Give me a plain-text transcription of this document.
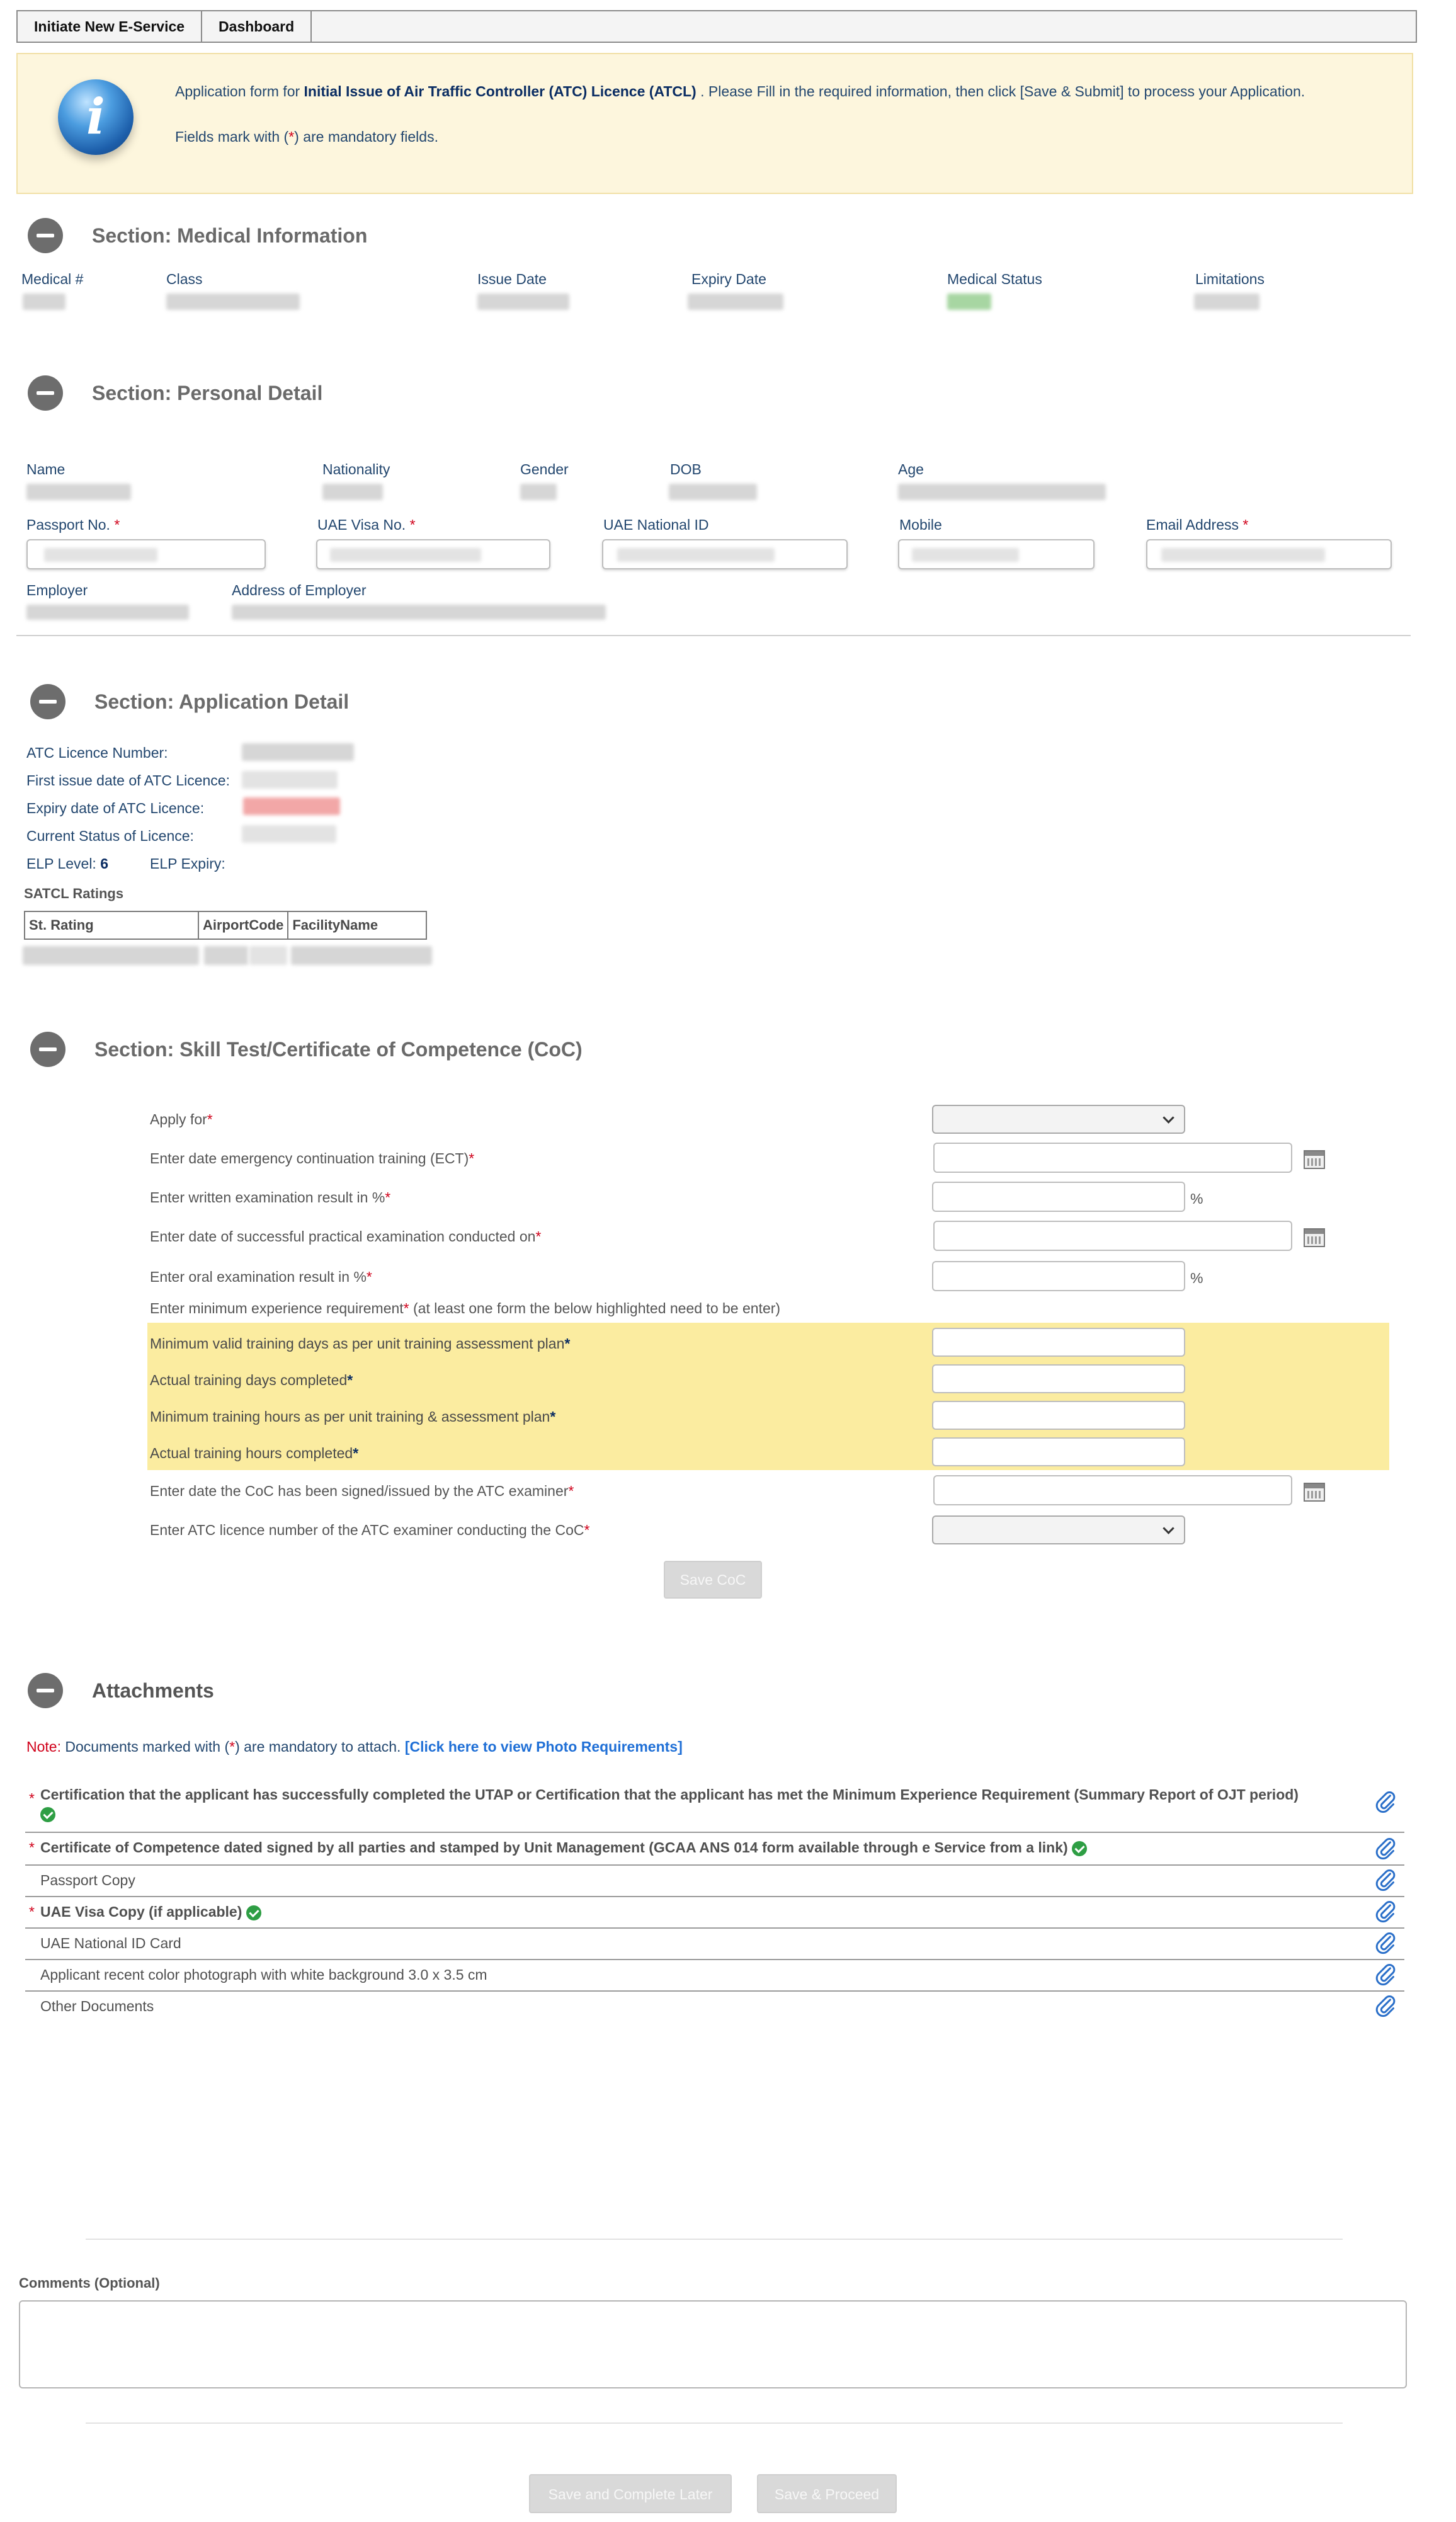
Initiate New E-Service	Dashboard
i	Application form for Initial Issue of Air Traffic Controller (ATC) Licence (ATCL) . Please Fill in the required information, then click [Save & Submit] to process your Application.
Fields mark with (*) are mandatory fields.
Section: Medical Information
Medical #	Class	Issue Date	Expiry Date	Medical Status	Limitations
Section: Personal Detail
Name	Nationality	Gender	DOB	Age
Passport No. *	UAE Visa No. *	UAE National ID	Mobile	Email Address *
Employer	Address of Employer
Section: Application Detail
ATC Licence Number:
First issue date of ATC Licence:
Expiry date of ATC Licence:
Current Status of Licence:
ELP Level: 6	ELP Expiry:
SATCL Ratings
St. Rating	AirportCode	FacilityName
Section: Skill Test/Certificate of Competence (CoC)
Apply for*
Enter date emergency continuation training (ECT)*
Enter written examination result in %*	%
Enter date of successful practical examination conducted on*
Enter oral examination result in %*	%
Enter minimum experience requirement* (at least one form the below highlighted need to be enter)
Minimum valid training days as per unit training assessment plan*
Actual training days completed*
Minimum training hours as per unit training & assessment plan*
Actual training hours completed*
Enter date the CoC has been signed/issued by the ATC examiner*
Enter ATC licence number of the ATC examiner conducting the CoC*
Save CoC
Attachments
Note: Documents marked with (*) are mandatory to attach. [Click here to view Photo Requirements]
* Certification that the applicant has successfully completed the UTAP or Certification that the applicant has met the Minimum Experience Requirement (Summary Report of OJT period)

* Certificate of Competence dated signed by all parties and stamped by Unit Management (GCAA ANS 014 form available through e Service from a link)
Passport Copy
* UAE Visa Copy (if applicable)
UAE National ID Card
Applicant recent color photograph with white background 3.0 x 3.5 cm
Other Documents
Comments (Optional)
Save and Complete Later	Save & Proceed
